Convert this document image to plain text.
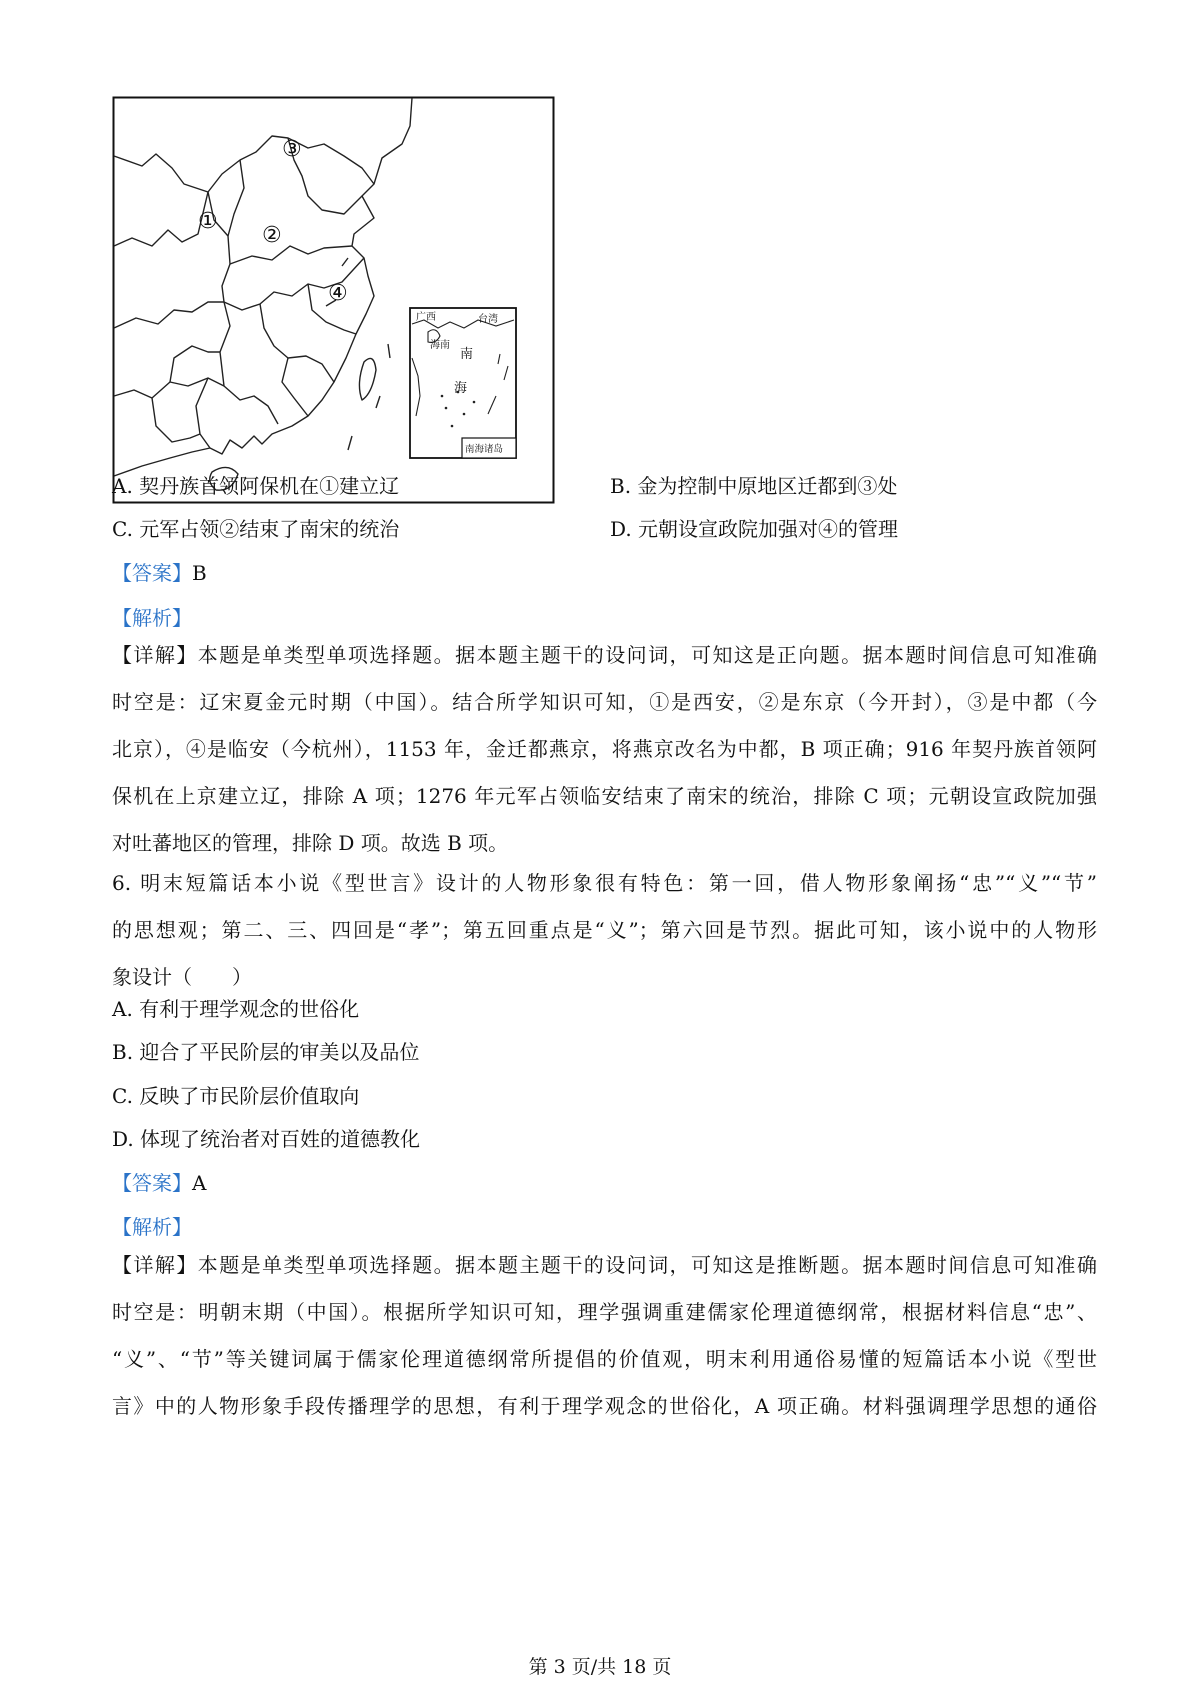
广西	台湾
海南
南
海
南海诸岛
①
②
③
④
A. 契丹族首领阿保机在①建立辽	B. 金为控制中原地区迁都到③处
C. 元军占领②结束了南宋的统治	D. 元朝设宣政院加强对④的管理
【答案】B
【解析】
【详解】本题是单类型单项选择题。据本题主题干的设问词，可知这是正向题。据本题时间信息可知准确
时空是：辽宋夏金元时期（中国）。结合所学知识可知，①是西安，②是东京（今开封），③是中都（今
北京），④是临安（今杭州），1153 年，金迁都燕京，将燕京改名为中都，B 项正确；916 年契丹族首领阿
保机在上京建立辽，排除 A 项；1276 年元军占领临安结束了南宋的统治，排除 C 项；元朝设宣政院加强
对吐蕃地区的管理，排除 D 项。故选 B 项。
6. 明末短篇话本小说《型世言》设计的人物形象很有特色：第一回，借人物形象阐扬“忠”“义”“节”
的思想观；第二、三、四回是“孝”；第五回重点是“义”；第六回是节烈。据此可知，该小说中的人物形
象设计（　　）
A. 有利于理学观念的世俗化
B. 迎合了平民阶层的审美以及品位
C. 反映了市民阶层价值取向
D. 体现了统治者对百姓的道德教化
【答案】A
【解析】
【详解】本题是单类型单项选择题。据本题主题干的设问词，可知这是推断题。据本题时间信息可知准确
时空是：明朝末期（中国）。根据所学知识可知，理学强调重建儒家伦理道德纲常，根据材料信息“忠”、
“义”、“节”等关键词属于儒家伦理道德纲常所提倡的价值观，明末利用通俗易懂的短篇话本小说《型世
言》中的人物形象手段传播理学的思想，有利于理学观念的世俗化，A 项正确。材料强调理学思想的通俗
第 3 页/共 18 页
